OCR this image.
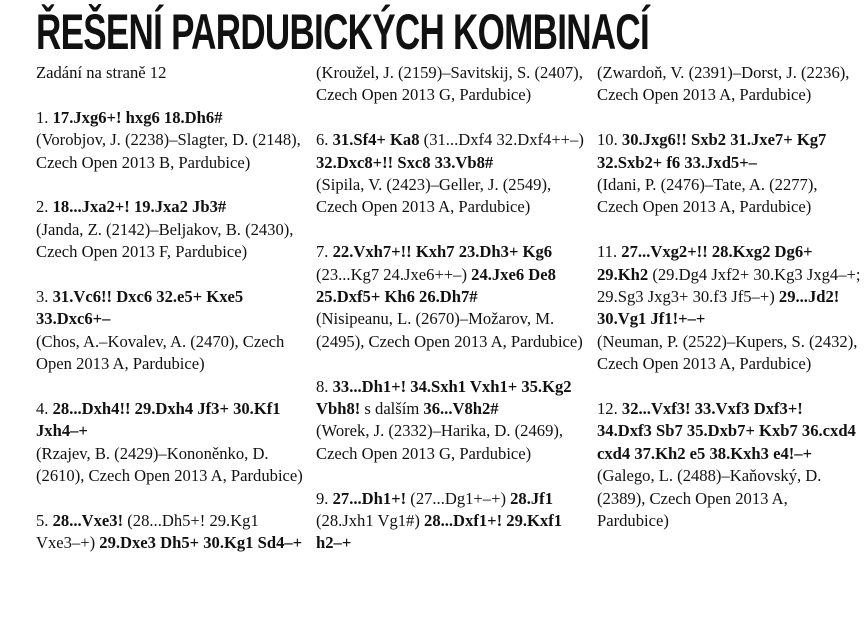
ŘEŠENÍ PARDUBICKÝCH KOMBINACÍ
Zadání na straně 12
1. 17.Jxg6+! hxg6 18.Dh6#
(Vorobjov, J. (2238)–Slagter, D. (2148), Czech Open 2013 B, Pardubice)
2. 18...Jxa2+! 19.Jxa2 Jb3#
(Janda, Z. (2142)–Beljakov, B. (2430), Czech Open 2013 F, Pardubice)
3. 31.Vc6!! Dxc6 32.e5+ Kxe5 33.Dxc6+–
(Chos, A.–Kovalev, A. (2470), Czech Open 2013 A, Pardubice)
4. 28...Dxh4!! 29.Dxh4 Jf3+ 30.Kf1 Jxh4–+
(Rzajev, B. (2429)–Kononěnko, D. (2610), Czech Open 2013 A, Pardubice)
5. 28...Vxe3! (28...Dh5+! 29.Kg1 Vxe3–+) 29.Dxe3 Dh5+ 30.Kg1 Sd4–+
(Kroužel, J. (2159)–Savitskij, S. (2407), Czech Open 2013 G, Pardubice)
6. 31.Sf4+ Ka8 (31...Dxf4 32.Dxf4++–) 32.Dxc8+!! Sxc8 33.Vb8#
(Sipila, V. (2423)–Geller, J. (2549), Czech Open 2013 A, Pardubice)
7. 22.Vxh7+!! Kxh7 23.Dh3+ Kg6 (23...Kg7 24.Jxe6++–) 24.Jxe6 De8 25.Dxf5+ Kh6 26.Dh7#
(Nisipeanu, L. (2670)–Možarov, M. (2495), Czech Open 2013 A, Pardubice)
8. 33...Dh1+! 34.Sxh1 Vxh1+ 35.Kg2 Vbh8! s dalším 36...V8h2#
(Worek, J. (2332)–Harika, D. (2469), Czech Open 2013 G, Pardubice)
9. 27...Dh1+! (27...Dg1+–+) 28.Jf1 (28.Jxh1 Vg1#) 28...Dxf1+! 29.Kxf1 h2–+
(Zwardoň, V. (2391)–Dorst, J. (2236), Czech Open 2013 A, Pardubice)
10. 30.Jxg6!! Sxb2 31.Jxe7+ Kg7 32.Sxb2+ f6 33.Jxd5+–
(Idani, P. (2476)–Tate, A. (2277), Czech Open 2013 A, Pardubice)
11. 27...Vxg2+!! 28.Kxg2 Dg6+ 29.Kh2 (29.Dg4 Jxf2+ 30.Kg3 Jxg4–+; 29.Sg3 Jxg3+ 30.f3 Jf5–+) 29...Jd2! 30.Vg1 Jf1!+–+
(Neuman, P. (2522)–Kupers, S. (2432), Czech Open 2013 A, Pardubice)
12. 32...Vxf3! 33.Vxf3 Dxf3+! 34.Dxf3 Sb7 35.Dxb7+ Kxb7 36.cxd4 cxd4 37.Kh2 e5 38.Kxh3 e4!–+
(Galego, L. (2488)–Kaňovský, D. (2389), Czech Open 2013 A, Pardubice)
